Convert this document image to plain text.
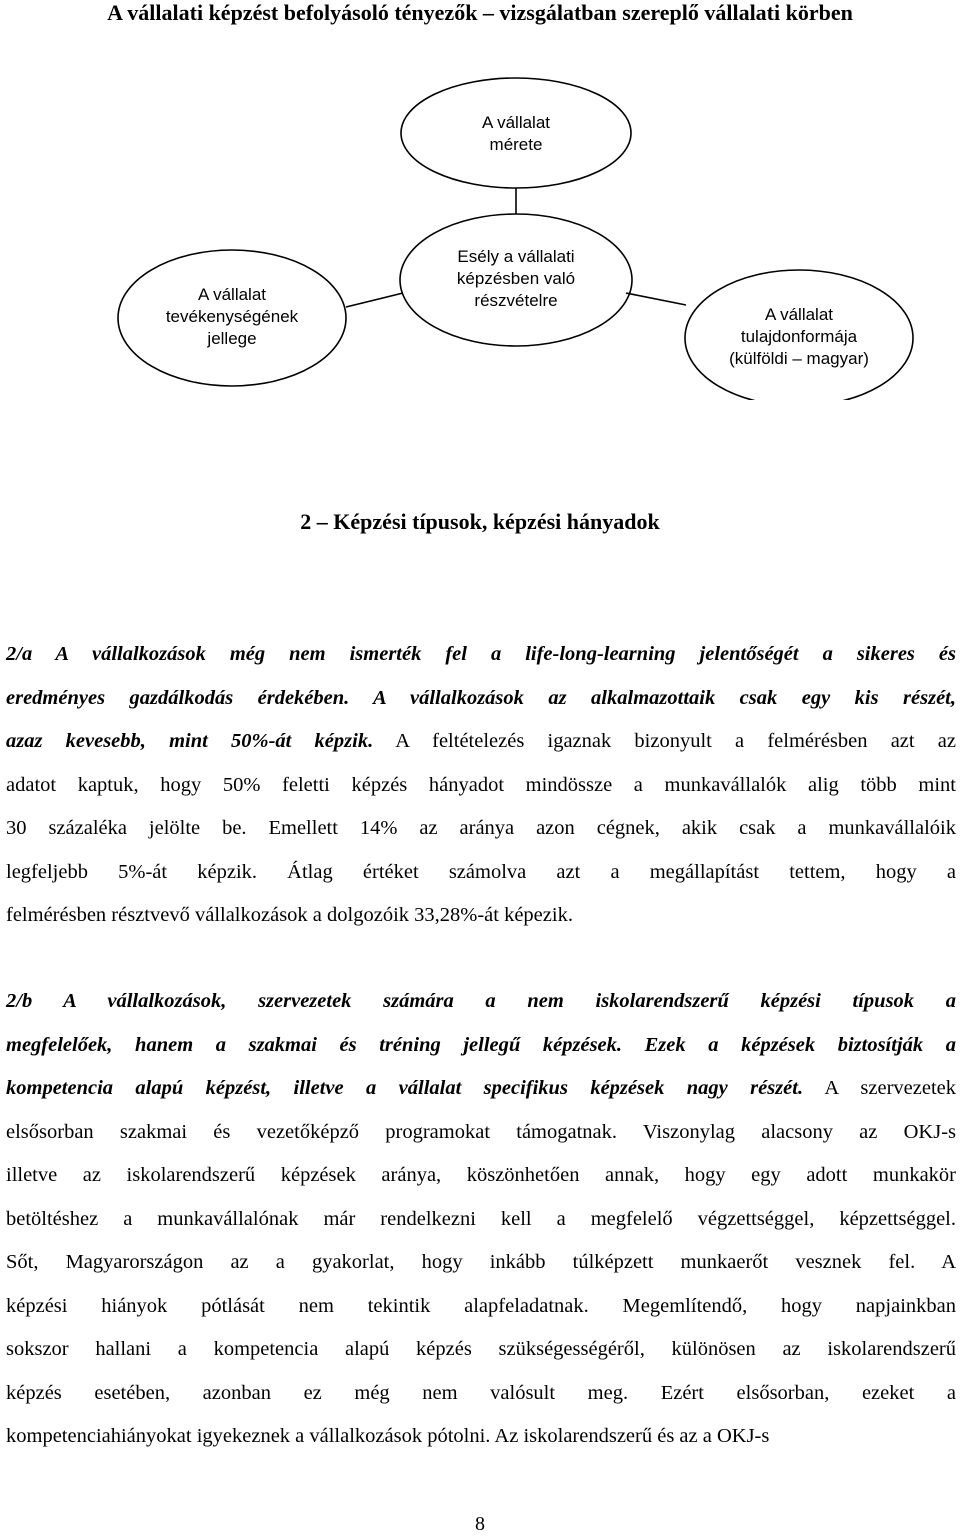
A vállalati képzést befolyásoló tényezők – vizsgálatban szereplő vállalati körben
A vállalat
mérete
Esély a vállalati
képzésben való
részvételre
A vállalat
tevékenységének
jellege
A vállalat
tulajdonformája
(külföldi – magyar)
2 – Képzési típusok, képzési hányadok
2/a A vállalkozások még nem ismerték fel a life-long-learning jelentőségét a sikeres és
eredményes gazdálkodás érdekében. A vállalkozások az alkalmazottaik csak egy kis részét,
azaz kevesebb, mint 50%-át képzik. A feltételezés igaznak bizonyult a felmérésben azt az
adatot kaptuk, hogy 50% feletti képzés hányadot mindössze a munkavállalók alig több mint
30 százaléka jelölte be. Emellett 14% az aránya azon cégnek, akik csak a munkavállalóik
legfeljebb 5%-át képzik. Átlag értéket számolva azt a megállapítást tettem, hogy a
felmérésben résztvevő vállalkozások a dolgozóik 33,28%-át képezik.
2/b A vállalkozások, szervezetek számára a nem iskolarendszerű képzési típusok a
megfelelőek, hanem a szakmai és tréning jellegű képzések. Ezek a képzések biztosítják a
kompetencia alapú képzést, illetve a vállalat specifikus képzések nagy részét. A szervezetek
elsősorban szakmai és vezetőképző programokat támogatnak. Viszonylag alacsony az OKJ-s
illetve az iskolarendszerű képzések aránya, köszönhetően annak, hogy egy adott munkakör
betöltéshez a munkavállalónak már rendelkezni kell a megfelelő végzettséggel, képzettséggel.
Sőt, Magyarországon az a gyakorlat, hogy inkább túlképzett munkaerőt vesznek fel. A
képzési hiányok pótlását nem tekintik alapfeladatnak. Megemlítendő, hogy napjainkban
sokszor hallani a kompetencia alapú képzés szükségességéről, különösen az iskolarendszerű
képzés esetében, azonban ez még nem valósult meg. Ezért elsősorban, ezeket a
kompetenciahiányokat igyekeznek a vállalkozások pótolni. Az iskolarendszerű és az a OKJ-s
8
